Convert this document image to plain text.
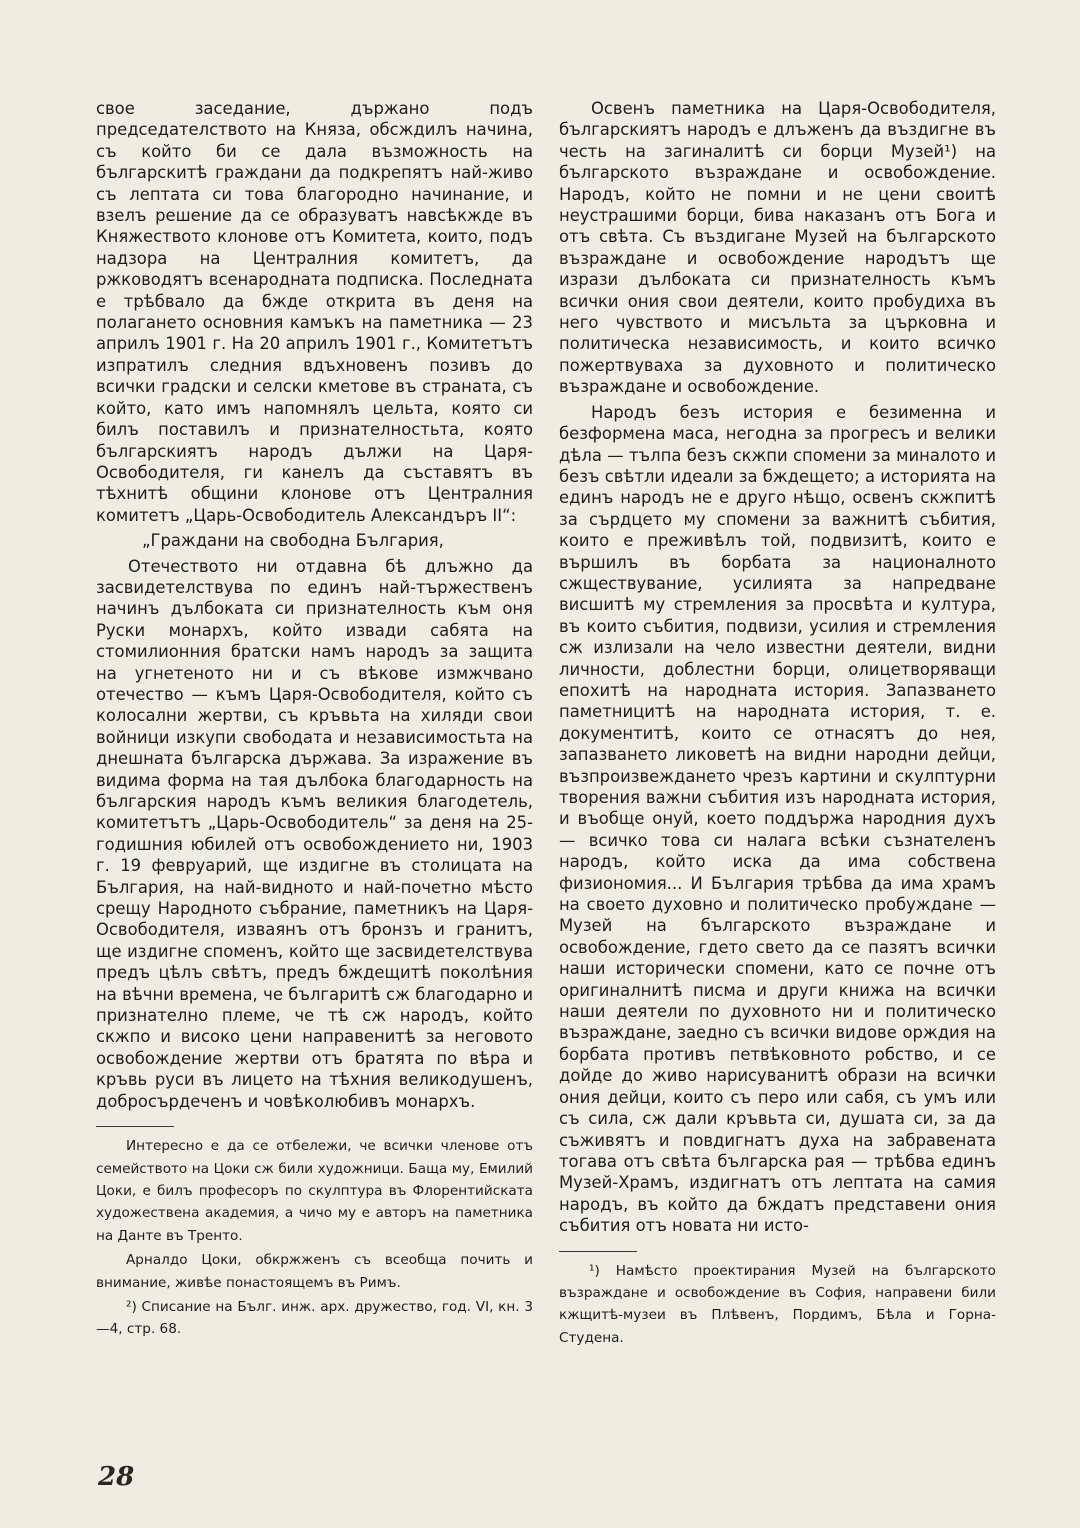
свое заседание, държано подъ председателството на Княза, обсждилъ начина, съ който би се дала възможность на българскитѣ граждани да подкрепятъ най-живо съ лептата си това благородно начинание, и взелъ решение да се образуватъ навсѣкжде въ Княжеството клонове отъ Комитета, които, подъ надзора на Централния комитетъ, да ржководятъ всенародната подписка. Последната е трѣбвало да бжде открита въ деня на полагането основния камъкъ на паметника — 23 априлъ 1901 г. На 20 априлъ 1901 г., Комитетътъ изпратилъ следния вдъхновенъ позивъ до всички градски и селски кметове въ страната, съ който, като имъ напомнялъ цельта, която си билъ поставилъ и признателностьта, която българскиятъ народъ дължи на Царя-Освободителя, ги канелъ да съставятъ въ тѣхнитѣ общини клонове отъ Централния комитетъ „Царь-Освободитель Александъръ II“:

„Граждани на свободна България,

Отечеството ни отдавна бѣ длъжно да засвидетелствува по единъ най-тържественъ начинъ дълбоката си признателность към оня Руски монархъ, който извади сабята на стомилионния братски намъ народъ за защита на угнетеното ни и съ вѣкове измжчвано отечество — къмъ Царя-Освободителя, който съ колосални жертви, съ кръвьта на хиляди свои войници изкупи свободата и независимостьта на днешната българска държава. За изражение въ видима форма на тая дълбока благодарность на българския народъ къмъ великия благодетель, комитетътъ „Царь-Освободитель“ за деня на 25-годишния юбилей отъ освобождението ни, 1903 г. 19 февруарий, ще издигне въ столицата на България, на най-видното и най-почетно мѣсто срещу Народното събрание, паметникъ на Царя-Освободителя, изваянъ отъ бронзъ и гранитъ, ще издигне споменъ, който ще засвидетелствува предъ цѣлъ свѣтъ, предъ бждещитѣ поколѣния на вѣчни времена, че българитѣ сж благодарно и признателно племе, че тѣ сж народъ, който скжпо и високо цени направенитѣ за неговото освобождение жертви отъ братята по вѣра и кръвь руси въ лицето на тѣхния великодушенъ, добросърдеченъ и човѣколюбивъ монархъ.

Интересно е да се отбележи, че всички членове отъ семейството на Цоки сж били художници. Баща му, Емилий Цоки, е билъ професоръ по скулптура въ Флорентийската художествена академия, а чичо му е авторъ на паметника на Данте въ Тренто.

Арналдо Цоки, обкржженъ съ всеобща почить и внимание, живѣе понастоящемъ въ Римъ.

²) Списание на Бълг. инж. арх. дружество, год. VI, кн. 3—4, стр. 68.

Освенъ паметника на Царя-Освободителя, българскиятъ народъ е длъженъ да въздигне въ честь на загиналитѣ си борци Музей¹) на българското възраждане и освобождение. Народъ, който не помни и не цени своитѣ неустрашими борци, бива наказанъ отъ Бога и отъ свѣта. Съ въздигане Музей на българското възраждане и освобождение народътъ ще изрази дълбоката си признателность къмъ всички ония свои деятели, които пробудиха въ него чувството и мисъльта за църковна и политическа независимость, и които всичко пожертвуваха за духовното и политическо възраждане и освобождение.

Народъ безъ история е безименна и безформена маса, негодна за прогресъ и велики дѣла — тълпа безъ скжпи спомени за миналото и безъ свѣтли идеали за бждещето; а историята на единъ народъ не е друго нѣщо, освенъ скжпитѣ за сърдцето му спомени за важнитѣ събития, които е преживѣлъ той, подвизитѣ, които е вършилъ въ борбата за националното сжществувание, усилията за напредване висшитѣ му стремления за просвѣта и култура, въ които събития, подвизи, усилия и стремления сж излизали на чело известни деятели, видни личности, доблестни борци, олицетворяващи епохитѣ на народната история. Запазването паметницитѣ на народната история, т. е. документитѣ, които се отнасятъ до нея, запазването ликоветѣ на видни народни дейци, възпроизвеждането чрезъ картини и скулптурни творения важни събития изъ народната история, и въобще онуй, което поддържа народния духъ — всичко това си налага всѣки съзнателенъ народъ, който иска да има собствена физиономия... И България трѣбва да има храмъ на своето духовно и политическо пробуждане — Музей на българското възраждане и освобождение, гдето свето да се пазятъ всички наши исторически спомени, като се почне отъ оригиналнитѣ писма и други книжа на всички наши деятели по духовното ни и политическо възраждане, заедно съ всички видове орждия на борбата противъ петвѣковното робство, и се дойде до живо нарисуванитѣ образи на всички ония дейци, които съ перо или сабя, съ умъ или съ сила, сж дали кръвьта си, душата си, за да съживятъ и повдигнатъ духа на забравената тогава отъ свѣта българска рая — трѣбва единъ Музей-Храмъ, издигнатъ отъ лептата на самия народъ, въ който да бждатъ представени ония събития отъ новата ни исто-

¹) Намѣсто проектирания Музей на българското възраждане и освобождение въ София, направени били кжщитѣ-музеи въ Плѣвенъ, Пордимъ, Бѣла и Горна-Студена.

28
